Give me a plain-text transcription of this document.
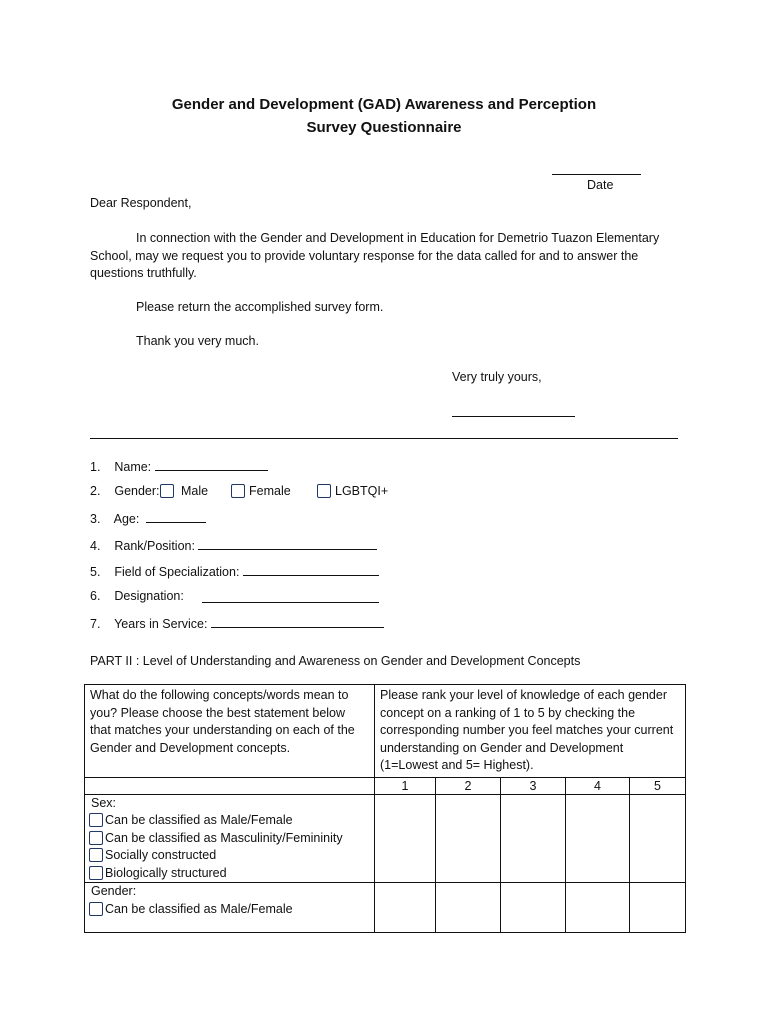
Gender and Development (GAD) Awareness and Perception
Survey Questionnaire
Date
Dear Respondent,
In connection with the Gender and Development in Education for Demetrio Tuazon Elementary School, may we request you to provide voluntary response for the data called for and to answer the questions truthfully.
Please return the accomplished survey form.
Thank you very much.
Very truly yours,
1. Name:
2. Gender: Male	Female	LGBTQI+
3. Age:
4. Rank/Position:
5. Field of Specialization:
6. Designation:
7. Years in Service:
PART II : Level of Understanding and Awareness on Gender and Development Concepts
What do the following concepts/words mean to you? Please choose the best statement below that matches your understanding on each of the Gender and Development concepts.	Please rank your level of knowledge of each gender concept on a ranking of 1 to 5 by checking the corresponding number you feel matches your current understanding on Gender and Development (1=Lowest and 5= Highest).				
	1	2	3	4	5

Sex:
Can be classified as Male/Female
Can be classified as Masculinity/Femininity
Socially constructed
Biologically structured					

Gender:
Can be classified as Male/Female					
